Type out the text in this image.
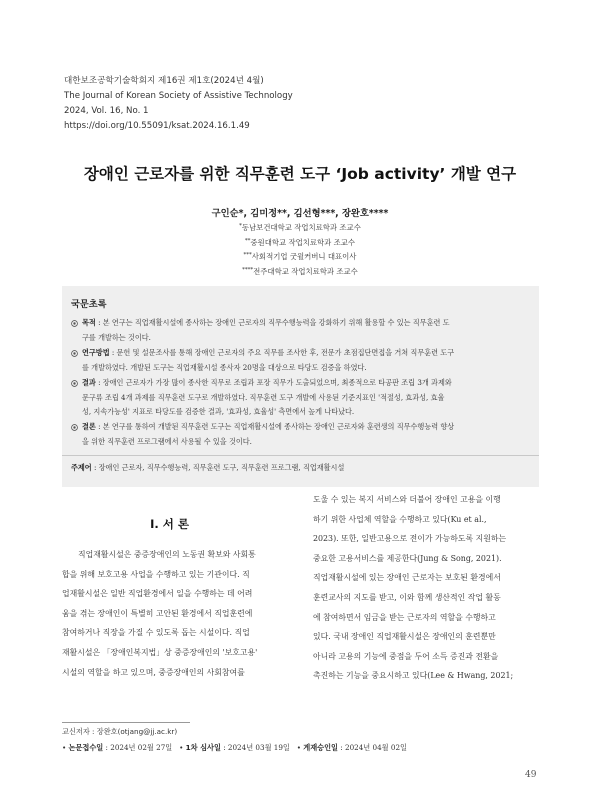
대한보조공학기술학회지 제16권 제1호(2024년 4월)
The Journal of Korean Society of Assistive Technology
2024, Vol. 16, No. 1
https://doi.org/10.55091/ksat.2024.16.1.49
장애인 근로자를 위한 직무훈련 도구 ‘Job activity’ 개발 연구
구인순*, 김미정**, 김선형***, 장완호****
*동남보건대학교 작업치료학과 조교수
**중원대학교 작업치료학과 조교수
***사회적기업 굿윌커버니 대표이사
****전주대학교 작업치료학과 조교수
국문초록
목적 : 본 연구는 직업재활시설에 종사하는 장애인 근로자의 직무수행능력을 강화하기 위해 활용할 수 있는 직무훈련 도
구를 개발하는 것이다.
연구방법 : 문헌 및 설문조사를 통해 장애인 근로자의 주요 직무를 조사한 후, 전문가 초점집단면접을 거쳐 직무훈련 도구
를 개발하였다. 개발된 도구는 직업재활시설 종사자 20명을 대상으로 타당도 검증을 하였다.
결과 : 장애인 근로자가 가장 많이 종사한 직무로 조립과 포장 직무가 도출되었으며, 최종적으로 타공판 조립 3개 과제와
문구류 조립 4개 과제를 직무훈련 도구로 개발하였다. 직무훈련 도구 개발에 사용된 기준지표인 '적절성, 효과성, 효율
성, 지속가능성' 지표로 타당도를 검증한 결과, '효과성, 효율성' 측면에서 높게 나타났다.
결론 : 본 연구를 통하여 개발된 직무훈련 도구는 직업재활시설에 종사하는 장애인 근로자와 훈련생의 직무수행능력 향상
을 위한 직무훈련 프로그램에서 사용될 수 있을 것이다.
주제어 : 장애인 근로자, 직무수행능력, 직무훈련 도구, 직무훈련 프로그램, 직업재활시설
I. 서 론
직업재활시설은 중증장애인의 노동권 확보와 사회통
합을 위해 보호고용 사업을 수행하고 있는 기관이다. 직
업재활시설은 일반 직업환경에서 일을 수행하는 데 어려
움을 겪는 장애인이 특별히 고안된 환경에서 직업훈련에
참여하거나 직장을 가질 수 있도록 돕는 시설이다. 직업
재활시설은 「장애인복지법」상 중증장애인의 '보호고용'
시설의 역할을 하고 있으며, 중증장애인의 사회참여를
도울 수 있는 복지 서비스와 더불어 장애인 고용을 이행
하기 위한 사업체 역할을 수행하고 있다(Ku et al.,
2023). 또한, 일반고용으로 전이가 가능하도록 지원하는
중요한 고용서비스를 제공한다(Jung & Song, 2021).
직업재활시설에 있는 장애인 근로자는 보호된 환경에서
훈련교사의 지도를 받고, 이와 함께 생산적인 작업 활동
에 참여하면서 임금을 받는 근로자의 역할을 수행하고
있다. 국내 장애인 직업재활시설은 장애인의 훈련뿐만
아니라 고용의 기능에 중점을 두어 소득 증진과 전환을
촉진하는 기능을 중요시하고 있다(Lee & Hwang, 2021;
교신저자 : 장완호(otjang@jj.ac.kr)
• 논문접수일 : 2024년 02월 27일   • 1차 심사일 : 2024년 03월 19일   • 게재승인일 : 2024년 04월 02일
49
